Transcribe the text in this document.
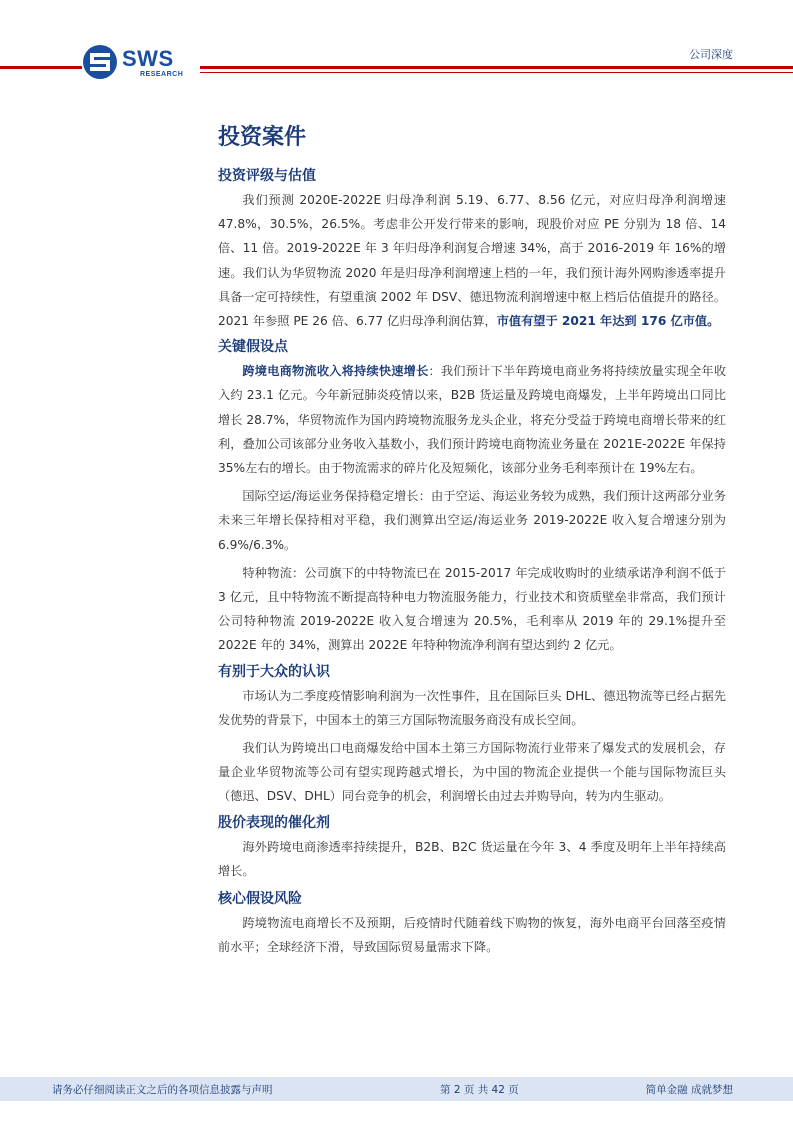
SWS
RESEARCH
公司深度
投资案件
投资评级与估值

我们预测 2020E-2022E 归母净利润 5.19、6.77、8.56 亿元，对应归母净利润增速 47.8%，30.5%，26.5%。考虑非公开发行带来的影响，现股价对应 PE 分别为 18 倍、14 倍、11 倍。2019-2022E 年 3 年归母净利润复合增速 34%，高于 2016-2019 年 16%的增速。我们认为华贸物流 2020 年是归母净利润增速上档的一年，我们预计海外网购渗透率提升具备一定可持续性，有望重演 2002 年 DSV、德迅物流利润增速中枢上档后估值提升的路径。2021 年参照 PE 26 倍、6.77 亿归母净利润估算，市值有望于 2021 年达到 176 亿市值。

关键假设点

跨境电商物流收入将持续快速增长：我们预计下半年跨境电商业务将持续放量实现全年收入约 23.1 亿元。今年新冠肺炎疫情以来，B2B 货运量及跨境电商爆发，上半年跨境出口同比增长 28.7%，华贸物流作为国内跨境物流服务龙头企业，将充分受益于跨境电商增长带来的红利，叠加公司该部分业务收入基数小，我们预计跨境电商物流业务量在 2021E-2022E 年保持 35%左右的增长。由于物流需求的碎片化及短频化，该部分业务毛利率预计在 19%左右。

国际空运/海运业务保持稳定增长：由于空运、海运业务较为成熟，我们预计这两部分业务未来三年增长保持相对平稳，我们测算出空运/海运业务 2019-2022E 收入复合增速分别为 6.9%/6.3%。

特种物流：公司旗下的中特物流已在 2015-2017 年完成收购时的业绩承诺净利润不低于 3 亿元，且中特物流不断提高特种电力物流服务能力，行业技术和资质壁垒非常高，我们预计公司特种物流 2019-2022E 收入复合增速为 20.5%，毛利率从 2019 年的 29.1%提升至 2022E 年的 34%，测算出 2022E 年特种物流净利润有望达到约 2 亿元。

有别于大众的认识

市场认为二季度疫情影响利润为一次性事件，且在国际巨头 DHL、德迅物流等已经占据先发优势的背景下，中国本土的第三方国际物流服务商没有成长空间。

我们认为跨境出口电商爆发给中国本土第三方国际物流行业带来了爆发式的发展机会，存量企业华贸物流等公司有望实现跨越式增长，为中国的物流企业提供一个能与国际物流巨头（德迅、DSV、DHL）同台竞争的机会，利润增长由过去并购导向，转为内生驱动。

股价表现的催化剂

海外跨境电商渗透率持续提升，B2B、B2C 货运量在今年 3、4 季度及明年上半年持续高增长。

核心假设风险

跨境物流电商增长不及预期，后疫情时代随着线下购物的恢复，海外电商平台回落至疫情前水平；全球经济下滑，导致国际贸易量需求下降。

请务必仔细阅读正文之后的各项信息披露与声明	第 2 页 共 42 页	简单金融 成就梦想
